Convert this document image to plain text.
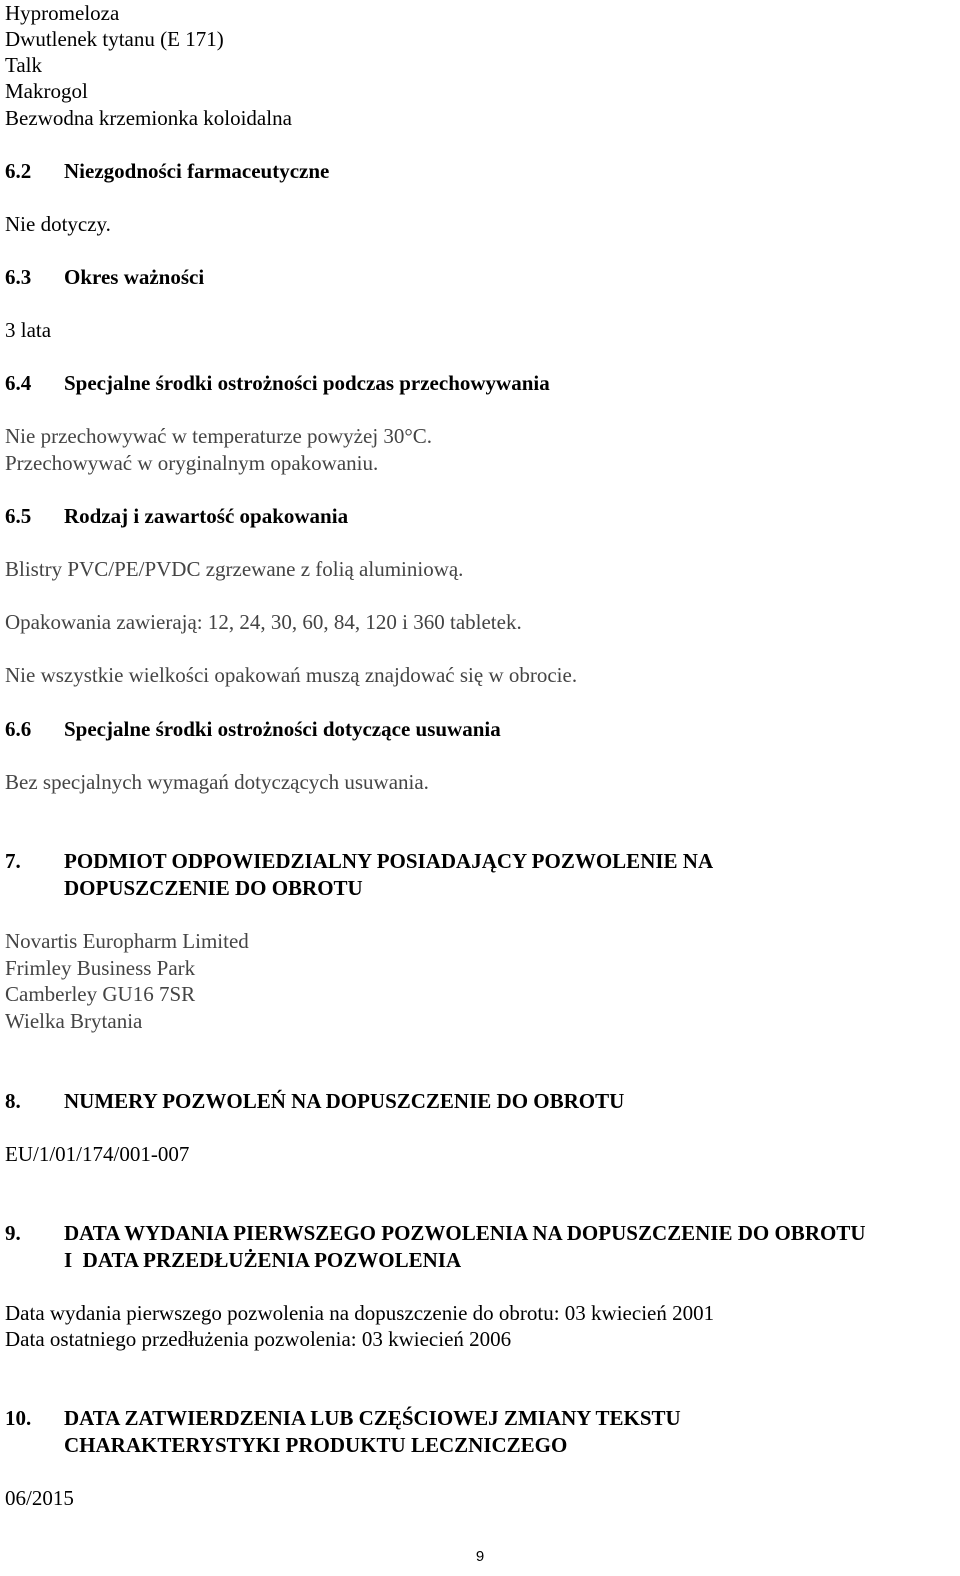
Hypromeloza
Dwutlenek tytanu (E 171)
Talk
Makrogol
Bezwodna krzemionka koloidalna
6.2 Niezgodności farmaceutyczne
Nie dotyczy.
6.3 Okres ważności
3 lata
6.4 Specjalne środki ostrożności podczas przechowywania
Nie przechowywać w temperaturze powyżej 30°C.
Przechowywać w oryginalnym opakowaniu.
6.5 Rodzaj i zawartość opakowania
Blistry PVC/PE/PVDC zgrzewane z folią aluminiową.
Opakowania zawierają: 12, 24, 30, 60, 84, 120 i 360 tabletek.
Nie wszystkie wielkości opakowań muszą znajdować się w obrocie.
6.6 Specjalne środki ostrożności dotyczące usuwania
Bez specjalnych wymagań dotyczących usuwania.
7. PODMIOT ODPOWIEDZIALNY POSIADAJĄCY POZWOLENIE NA
DOPUSZCZENIE DO OBROTU
Novartis Europharm Limited
Frimley Business Park
Camberley GU16 7SR
Wielka Brytania
8. NUMERY POZWOLEŃ NA DOPUSZCZENIE DO OBROTU
EU/1/01/174/001-007
9. DATA WYDANIA PIERWSZEGO POZWOLENIA NA DOPUSZCZENIE DO OBROTU
I  DATA PRZEDŁUŻENIA POZWOLENIA
Data wydania pierwszego pozwolenia na dopuszczenie do obrotu: 03 kwiecień 2001
Data ostatniego przedłużenia pozwolenia: 03 kwiecień 2006
10. DATA ZATWIERDZENIA LUB CZĘŚCIOWEJ ZMIANY TEKSTU
CHARAKTERYSTYKI PRODUKTU LECZNICZEGO
06/2015
9
